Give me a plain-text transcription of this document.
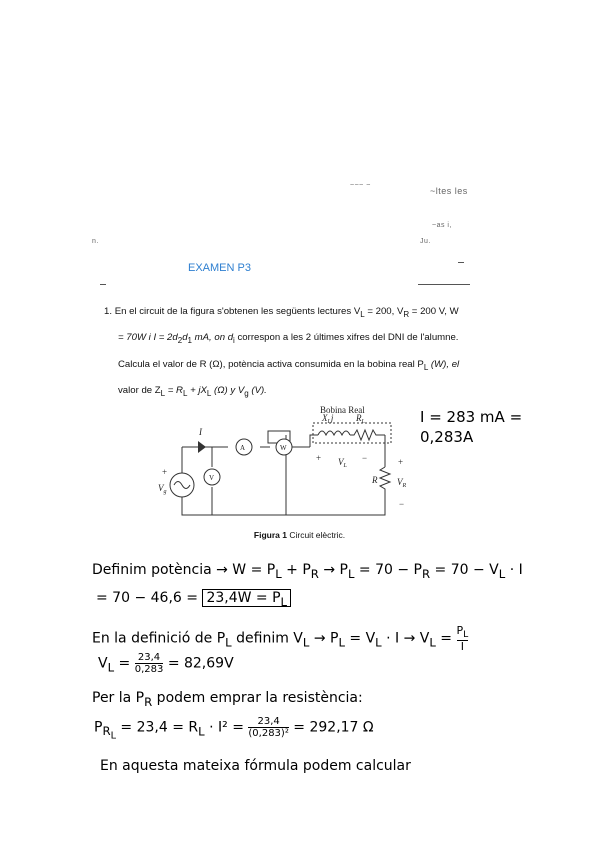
~~~ ~
~ltes les
~as i,
n.	Ju.
EXAMEN P3

1. En el circuit de la figura s'obtenen les següents lectures $V_L = 200$, $V_R = 200$ V, W

= 70W i $I = 2d_2d_1$ mA, on $d_i$ correspon a les 2 últimes xifres del DNI de l'alumne.

Calcula el valor de R (Ω), potència activa consumida en la bobina real $P_L$ (W), el

valor de $Z_L = R_L + jX_L$ (Ω) y $V_g$ (V).

Bobina Real
$X_Lj$	$R_L$
I
A	W
V
+
$V_g$
+ $V_L$
−
R
+
$V_R$
−
Figura 1 Circuit elèctric.
I = 283 mA =
0,283A
Definim potència → $W = P_L + P_R \to P_L = 70 - P_R = 70 - V_L \cdot I$
= $70 - 46,6 = 23,4W = P_L$
En la definició de $P_L$ definim $V_L \to P_L = V_L \cdot I \to V_L = \frac{P_L}{I}$
$V_L = \frac{23,4}{0,283} = 82,69V$
Per la $P_R$ podem emprar la resistència:
$P_{R_L} = 23,4 = R_L \cdot I^2 = \frac{23,4}{\text{(0,283)²}} = 292,17$ Ω
En aquesta mateixa fórmula podem calcular
